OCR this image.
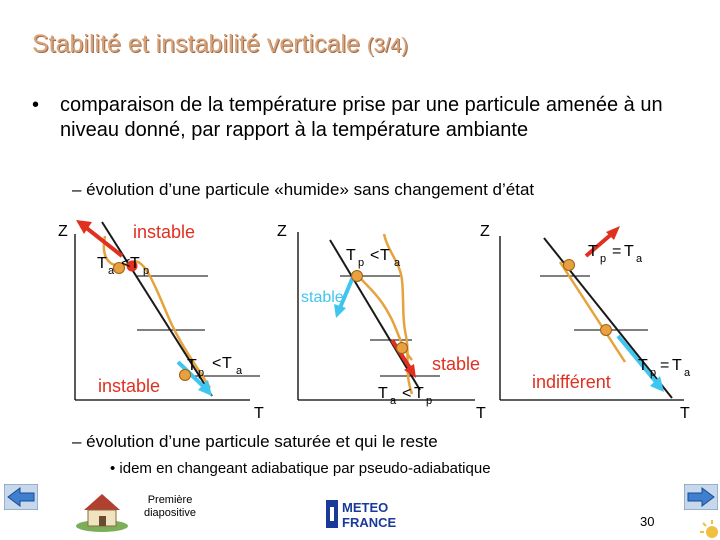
Stabilité et instabilité verticale (3/4)
• comparaison de la température prise par une particule amenée à un niveau donné, par rapport à la température ambiante
– évolution d’une particule «humide» sans changement d’état
Z	instable
T a < T p
instable
T p
< T a
T
Z
T p < T a
stable
stable
T a < T p
T
Z
T p = T a
indifférent
T p = T a
T
– évolution d’une particule saturée et qui le reste
• idem en changeant adiabatique par pseudo-adiabatique
Première
diapositive	METEO
FRANCE	30
